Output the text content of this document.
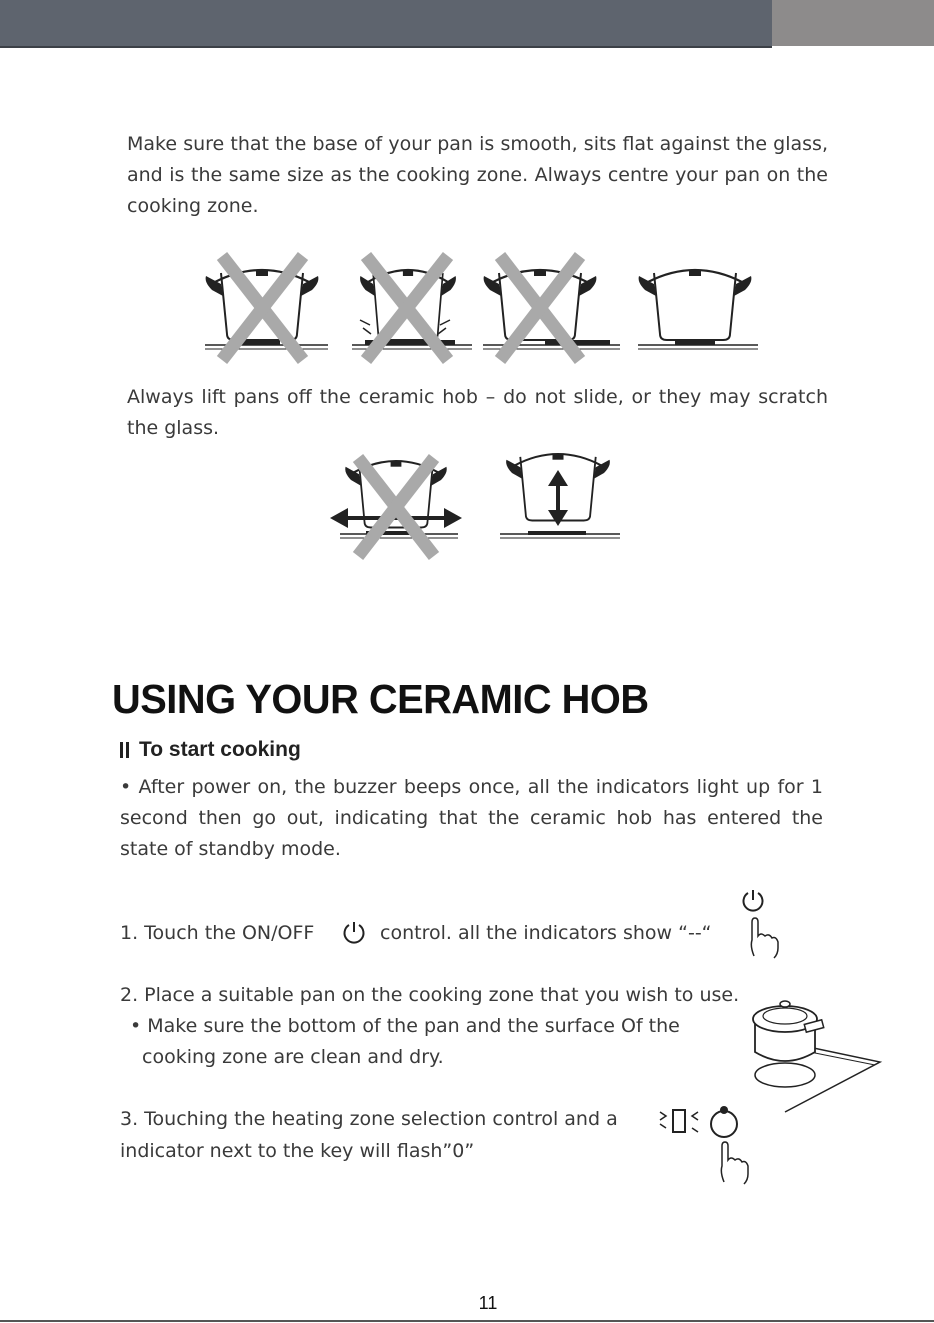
Make sure that the base of your pan is smooth, sits flat against the glass, and is the same size as the cooking zone. Always centre your pan on the cooking zone.

Always lift pans off the ceramic hob – do not slide, or they may scratch the glass.

USING YOUR CERAMIC HOB
To start cooking

• After power on, the buzzer beeps once, all the indicators light up for 1 second then go out, indicating that the ceramic hob has entered the state of standby mode.

1. Touch the ON/OFF	control. all the indicators show “--“
2. Place a suitable pan on the cooking zone that you wish to use.
• Make sure the bottom of the pan and the surface Of the
cooking zone are clean and dry.
3. Touching the heating zone selection control and a
indicator next to the key will flash”0”
11
